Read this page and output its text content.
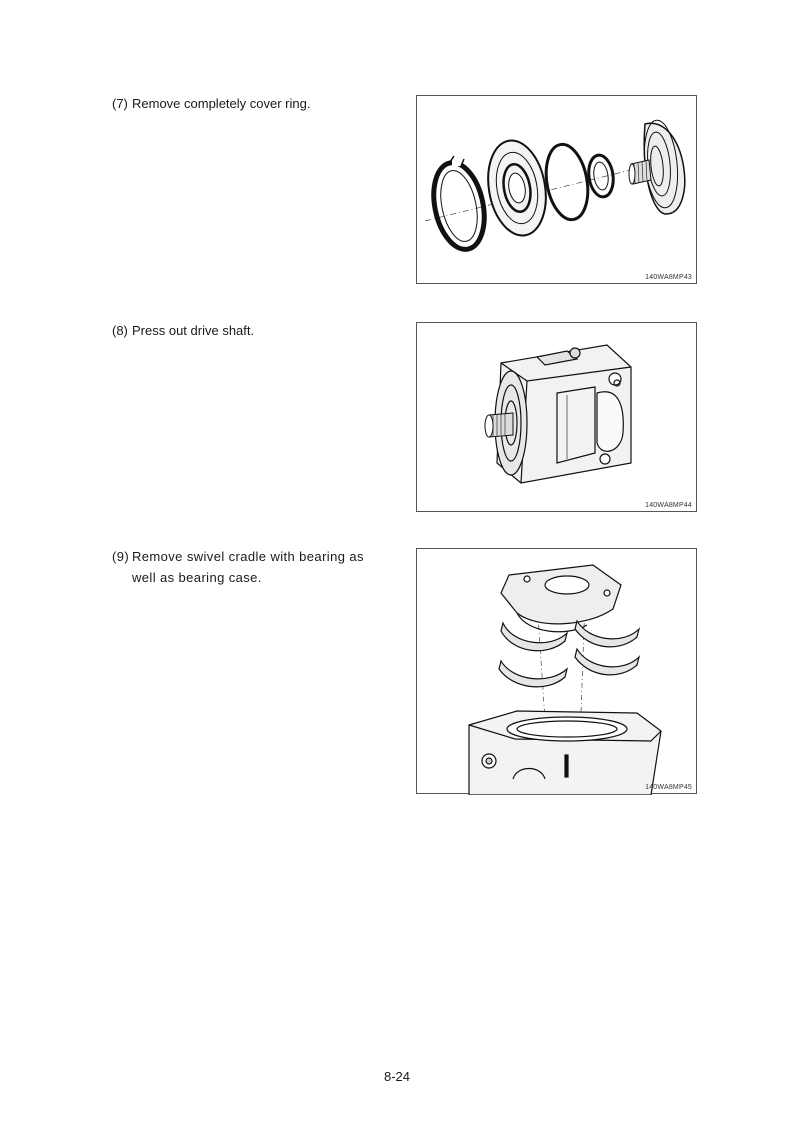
(7) Remove completely cover ring.
140WA8MP43
(8) Press out drive shaft.
140WA8MP44
(9) Remove swivel cradle with bearing as
well as bearing case.
140WA8MP45
8-24
